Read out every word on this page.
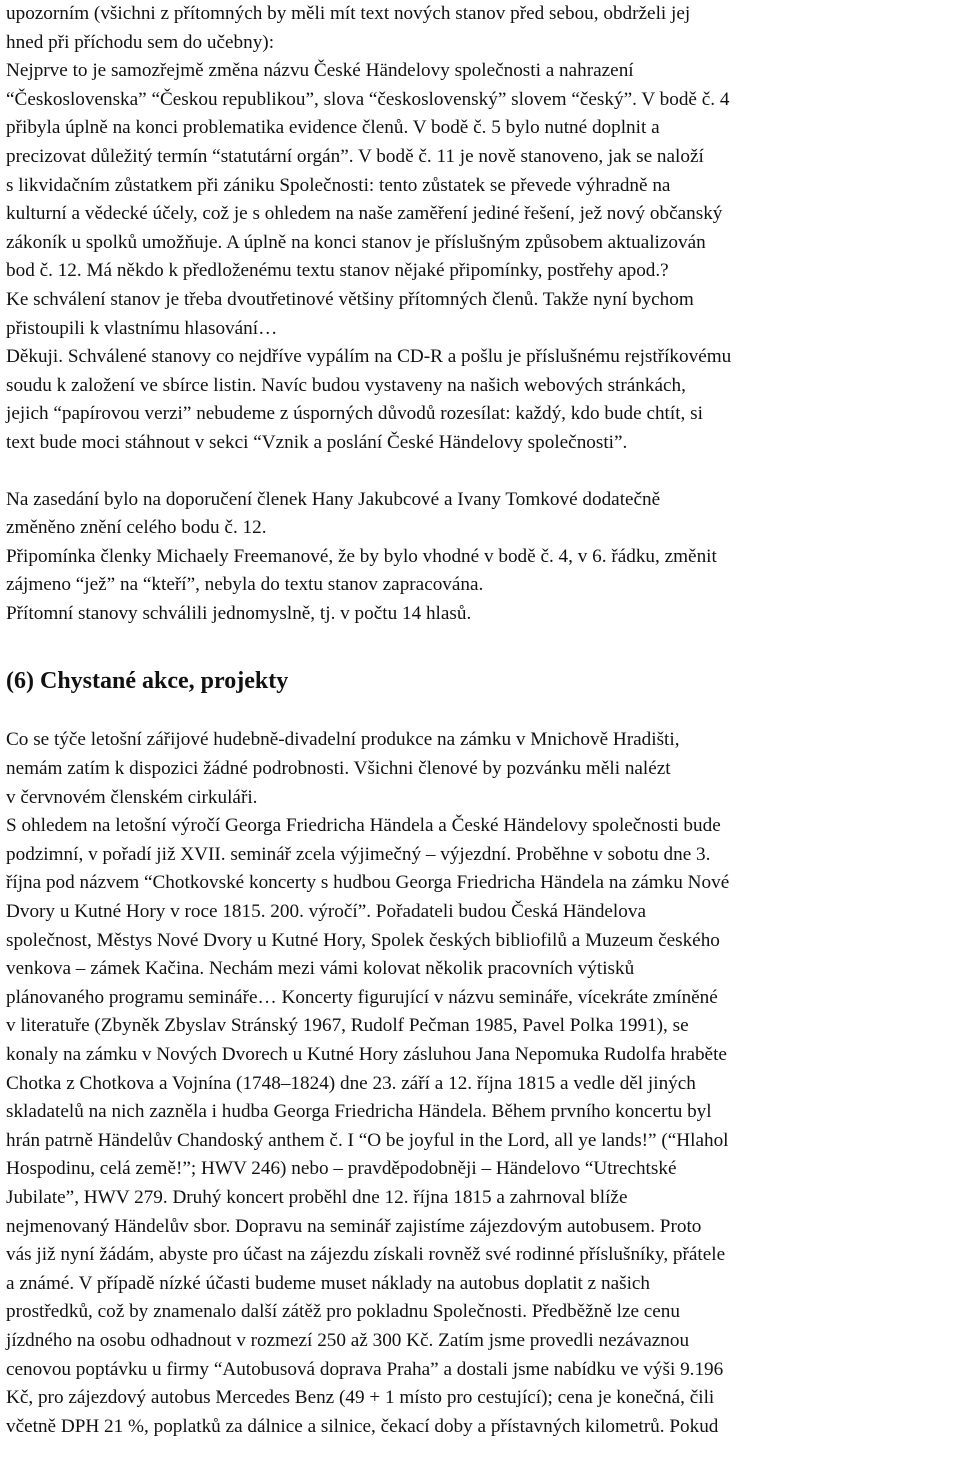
upozorním (všichni z přítomných by měli mít text nových stanov před sebou, obdrželi jej
hned při příchodu sem do učebny):
Nejprve to je samozřejmě změna názvu České Händelovy společnosti a nahrazení
“Československa” “Českou republikou”, slova “československý” slovem “český”. V bodě č. 4
přibyla úplně na konci problematika evidence členů. V bodě č. 5 bylo nutné doplnit a
precizovat důležitý termín “statutární orgán”. V bodě č. 11 je nově stanoveno, jak se naloží
s likvidačním zůstatkem při zániku Společnosti: tento zůstatek se převede výhradně na
kulturní a vědecké účely, což je s ohledem na naše zaměření jediné řešení, jež nový občanský
zákoník u spolků umožňuje. A úplně na konci stanov je příslušným způsobem aktualizován
bod č. 12. Má někdo k předloženému textu stanov nějaké připomínky, postřehy apod.?
Ke schválení stanov je třeba dvoutřetinové většiny přítomných členů. Takže nyní bychom
přistoupili k vlastnímu hlasování…
Děkuji. Schválené stanovy co nejdříve vypálím na CD-R a pošlu je příslušnému rejstříkovému
soudu k založení ve sbírce listin. Navíc budou vystaveny na našich webových stránkách,
jejich “papírovou verzi” nebudeme z úsporných důvodů rozesílat: každý, kdo bude chtít, si
text bude moci stáhnout v sekci “Vznik a poslání České Händelovy společnosti”.
Na zasedání bylo na doporučení členek Hany Jakubcové a Ivany Tomkové dodatečně
změněno znění celého bodu č. 12.
Připomínka členky Michaely Freemanové, že by bylo vhodné v bodě č. 4, v 6. řádku, změnit
zájmeno “jež” na “kteří”, nebyla do textu stanov zapracována.
Přítomní stanovy schválili jednomyslně, tj. v počtu 14 hlasů.
(6) Chystané akce, projekty
Co se týče letošní zářijové hudebně-divadelní produkce na zámku v Mnichově Hradišti,
nemám zatím k dispozici žádné podrobnosti. Všichni členové by pozvánku měli nalézt
v červnovém členském cirkuláři.
S ohledem na letošní výročí Georga Friedricha Händela a České Händelovy společnosti bude
podzimní, v pořadí již XVII. seminář zcela výjimečný – výjezdní. Proběhne v sobotu dne 3.
října pod názvem “Chotkovské koncerty s hudbou Georga Friedricha Händela na zámku Nové
Dvory u Kutné Hory v roce 1815. 200. výročí”. Pořadateli budou Česká Händelova
společnost, Městys Nové Dvory u Kutné Hory, Spolek českých bibliofilů a Muzeum českého
venkova – zámek Kačina. Nechám mezi vámi kolovat několik pracovních výtisků
plánovaného programu semináře… Koncerty figurující v názvu semináře, vícekráte zmíněné
v literatuře (Zbyněk Zbyslav Stránský 1967, Rudolf Pečman 1985, Pavel Polka 1991), se
konaly na zámku v Nových Dvorech u Kutné Hory zásluhou Jana Nepomuka Rudolfa hraběte
Chotka z Chotkova a Vojnína (1748–1824) dne 23. září a 12. října 1815 a vedle děl jiných
skladatelů na nich zazněla i hudba Georga Friedricha Händela. Během prvního koncertu byl
hrán patrně Händelův Chandoský anthem č. I “O be joyful in the Lord, all ye lands!” (“Hlahol
Hospodinu, celá země!”; HWV 246) nebo – pravděpodobněji – Händelovo “Utrechtské
Jubilate”, HWV 279. Druhý koncert proběhl dne 12. října 1815 a zahrnoval blíže
nejmenovaný Händelův sbor. Dopravu na seminář zajistíme zájezdovým autobusem. Proto
vás již nyní žádám, abyste pro účast na zájezdu získali rovněž své rodinné příslušníky, přátele
a známé. V případě nízké účasti budeme muset náklady na autobus doplatit z našich
prostředků, což by znamenalo další zátěž pro pokladnu Společnosti. Předběžně lze cenu
jízdného na osobu odhadnout v rozmezí 250 až 300 Kč. Zatím jsme provedli nezávaznou
cenovou poptávku u firmy “Autobusová doprava Praha” a dostali jsme nabídku ve výši 9.196
Kč, pro zájezdový autobus Mercedes Benz (49 + 1 místo pro cestující); cena je konečná, čili
včetně DPH 21 %, poplatků za dálnice a silnice, čekací doby a přístavných kilometrů. Pokud
